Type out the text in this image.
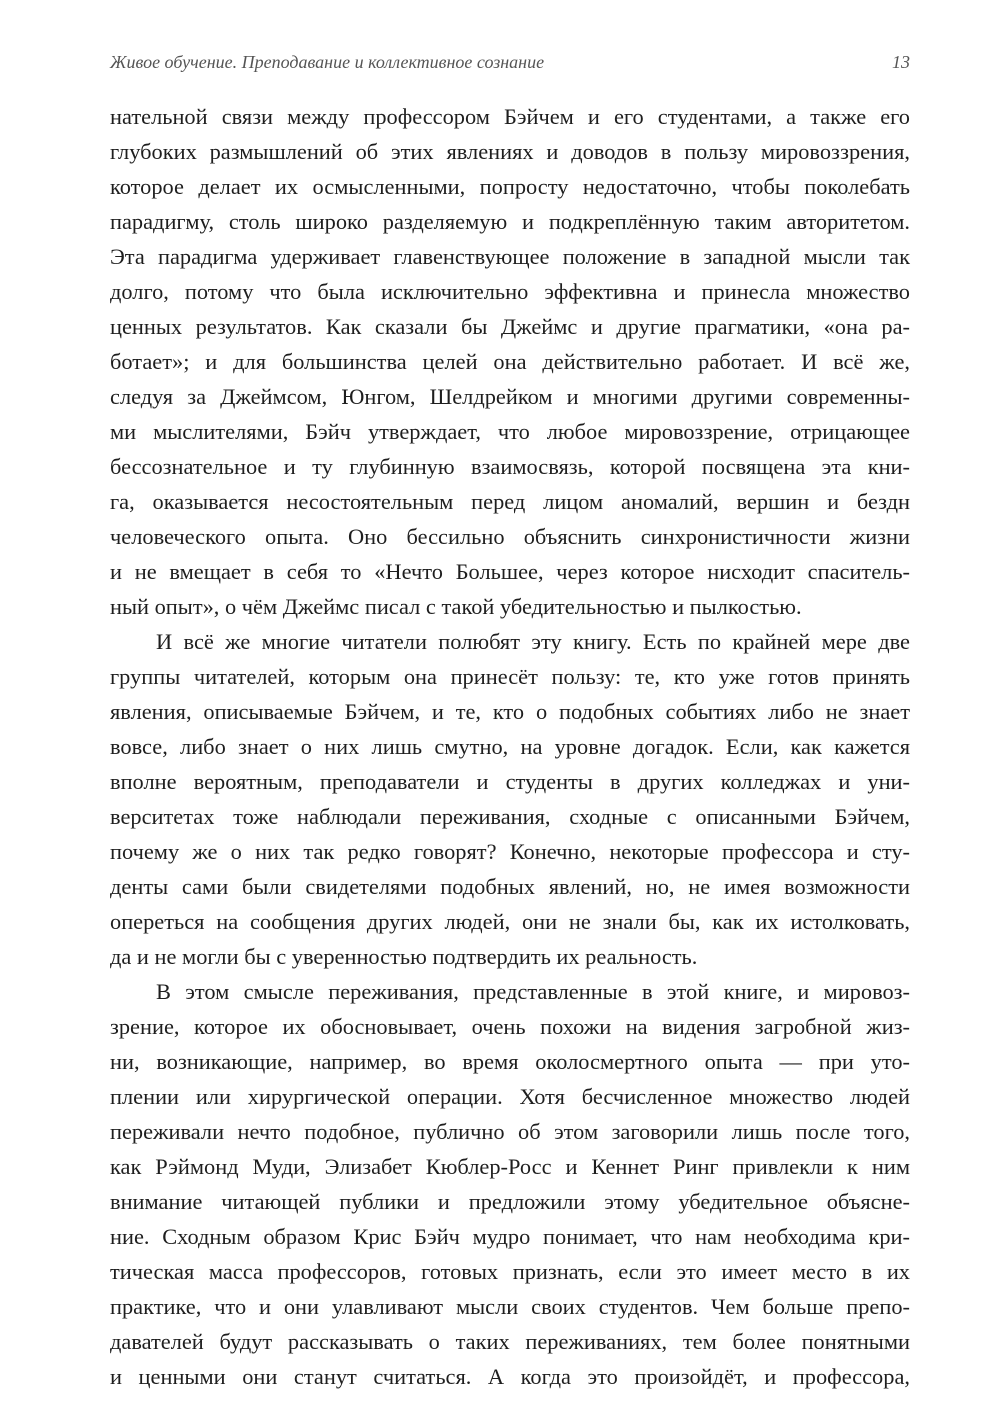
Живое обучение. Преподавание и коллективное сознание	13
нательной связи между профессором Бэйчем и его студентами, а также его
глубоких размышлений об этих явлениях и доводов в пользу мировоззрения,
которое делает их осмысленными, попросту недостаточно, чтобы поколебать
парадигму, столь широко разделяемую и подкреплённую таким авторитетом.
Эта парадигма удерживает главенствующее положение в западной мысли так
долго, потому что была исключительно эффективна и принесла множество
ценных результатов. Как сказали бы Джеймс и другие прагматики, «она ра-
ботает»; и для большинства целей она действительно работает. И всё же,
следуя за Джеймсом, Юнгом, Шелдрейком и многими другими современны-
ми мыслителями, Бэйч утверждает, что любое мировоззрение, отрицающее
бессознательное и ту глубинную взаимосвязь, которой посвящена эта кни-
га, оказывается несостоятельным перед лицом аномалий, вершин и бездн
человеческого опыта. Оно бессильно объяснить синхронистичности жизни
и не вмещает в себя то «Нечто Большее, через которое нисходит спаситель-
ный опыт», о чём Джеймс писал с такой убедительностью и пылкостью.
И всё же многие читатели полюбят эту книгу. Есть по крайней мере две
группы читателей, которым она принесёт пользу: те, кто уже готов принять
явления, описываемые Бэйчем, и те, кто о подобных событиях либо не знает
вовсе, либо знает о них лишь смутно, на уровне догадок. Если, как кажется
вполне вероятным, преподаватели и студенты в других колледжах и уни-
верситетах тоже наблюдали переживания, сходные с описанными Бэйчем,
почему же о них так редко говорят? Конечно, некоторые профессора и сту-
денты сами были свидетелями подобных явлений, но, не имея возможности
опереться на сообщения других людей, они не знали бы, как их истолковать,
да и не могли бы с уверенностью подтвердить их реальность.
В этом смысле переживания, представленные в этой книге, и мировоз-
зрение, которое их обосновывает, очень похожи на видения загробной жиз-
ни, возникающие, например, во время околосмертного опыта — при уто-
плении или хирургической операции. Хотя бесчисленное множество людей
переживали нечто подобное, публично об этом заговорили лишь после того,
как Рэймонд Муди, Элизабет Кюблер-Росс и Кеннет Ринг привлекли к ним
внимание читающей публики и предложили этому убедительное объясне-
ние. Сходным образом Крис Бэйч мудро понимает, что нам необходима кри-
тическая масса профессоров, готовых признать, если это имеет место в их
практике, что и они улавливают мысли своих студентов. Чем больше препо-
давателей будут рассказывать о таких переживаниях, тем более понятными
и ценными они станут считаться. А когда это произойдёт, и профессора,
